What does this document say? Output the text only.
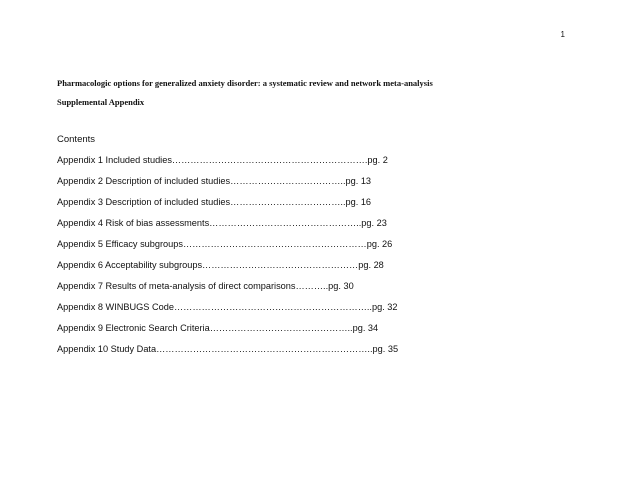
1
Pharmacologic options for generalized anxiety disorder: a systematic review and network meta-analysis
Supplemental Appendix
Contents
Appendix 1 Included studies……………………………………………………….pg. 2
Appendix 2 Description of included studies………………………………..pg. 13
Appendix 3 Description of included studies………………………………..pg. 16
Appendix 4 Risk of bias assessments…………………………………………..pg. 23
Appendix 5 Efficacy subgroups……………………………………………………pg. 26
Appendix 6 Acceptability subgroups……………………………………………pg. 28
Appendix 7 Results of meta-analysis of direct comparisons………..pg. 30
Appendix 8 WINBUGS Code………………………………………………………..pg. 32
Appendix 9 Electronic Search Criteria………………………………………..pg. 34
Appendix 10 Study Data……………………………………………………………..pg. 35
